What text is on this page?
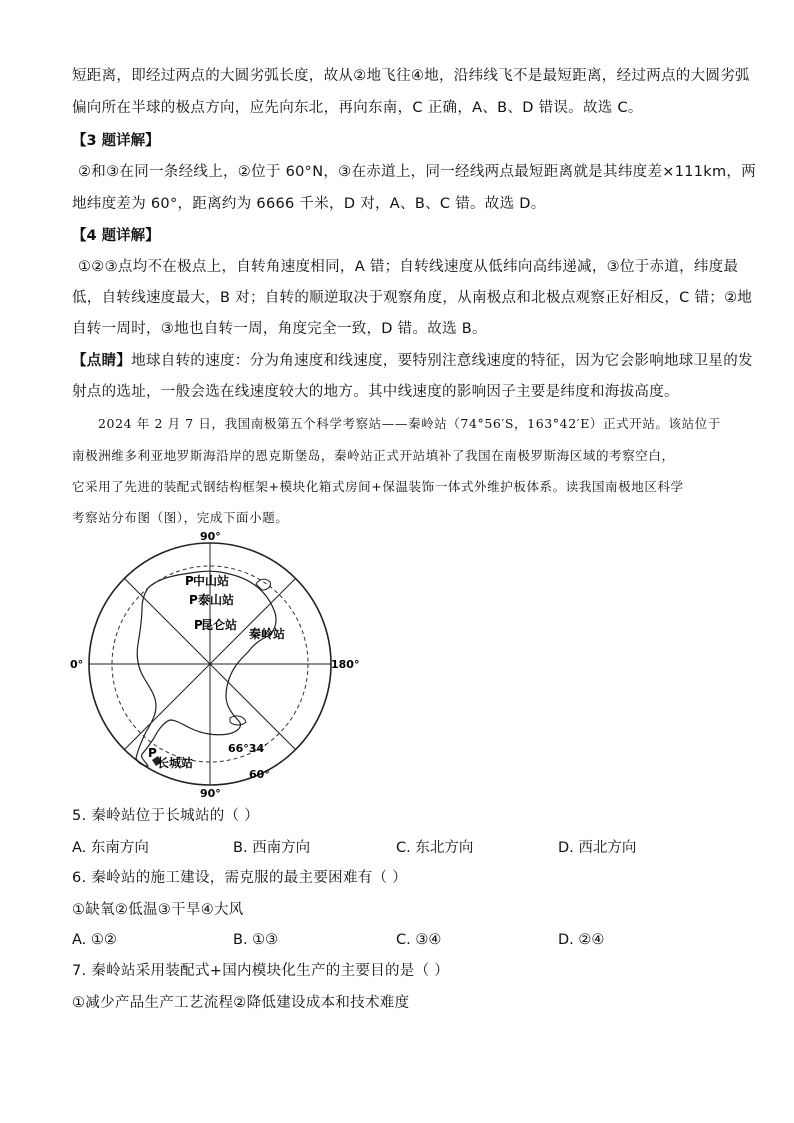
短距离，即经过两点的大圆劣弧长度，故从②地飞往④地，沿纬线飞不是最短距离，经过两点的大圆劣弧
偏向所在半球的极点方向，应先向东北，再向东南，C 正确，A、B、D 错误。故选 C。
【3 题详解】
②和③在同一条经线上，②位于 60°N，③在赤道上，同一经线两点最短距离就是其纬度差×111km，两
地纬度差为 60°，距离约为 6666 千米，D 对，A、B、C 错。故选 D。
【4 题详解】
①②③点均不在极点上，自转角速度相同，A 错；自转线速度从低纬向高纬递减，③位于赤道，纬度最
低，自转线速度最大，B 对；自转的顺逆取决于观察角度，从南极点和北极点观察正好相反，C 错；②地
自转一周时，③地也自转一周，角度完全一致，D 错。故选 B。
【点睛】地球自转的速度：分为角速度和线速度，要特别注意线速度的特征，因为它会影响地球卫星的发
射点的选址，一般会选在线速度较大的地方。其中线速度的影响因子主要是纬度和海拔高度。
2024 年 2 月 7 日，我国南极第五个科学考察站——秦岭站（74°56′S，163°42′E）正式开站。该站位于
南极洲维多利亚地罗斯海沿岸的恩克斯堡岛，秦岭站正式开站填补了我国在南极罗斯海区域的考察空白，
它采用了先进的装配式钢结构框架+模块化箱式房间+保温装饰一体式外维护板体系。读我国南极地区科学
考察站分布图（图），完成下面小题。
P 中山站
P 泰山站
P
昆仑站
秦岭站
P
长城站
90°
90°
0°	180°
66°34′
60°
5. 秦岭站位于长城站的（ ）
A. 东南方向	B. 西南方向	C. 东北方向	D. 西北方向
6. 秦岭站的施工建设，需克服的最主要困难有（ ）
①缺氧②低温③干旱④大风
A. ①②	B. ①③	C. ③④	D. ②④
7. 秦岭站采用装配式+国内模块化生产的主要目的是（ ）
①减少产品生产工艺流程②降低建设成本和技术难度
